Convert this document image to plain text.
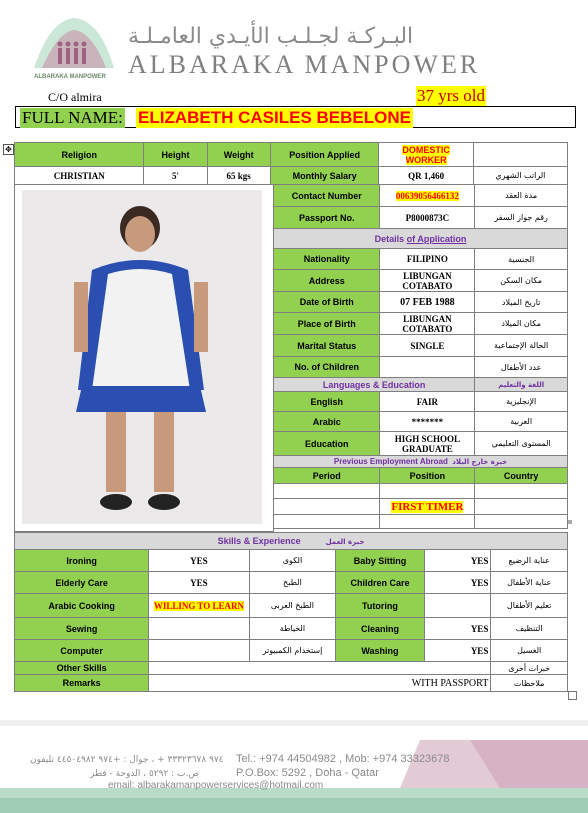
ALBARAKA MANPOWER
البـركـة لجـلـب الأيـدي العامـلـة
ALBARAKA MANPOWER
C/O almira	37 yrs old
FULL NAME: ELIZABETH CASILES BEBELONE
✥	Religion	Height	Weight	Position Applied	DOMESTIC WORKER	
CHRISTIAN	5'	65 kgs	Monthly Salary	QR 1,460	الراتب الشهري
Contact Number	00639056466132	مدة العقد
Passport No.	P8000873C	رقم جواز السفر
Details of Application		
Nationality	FILIPINO	الجنسية
Address	LIBUNGAN COTABATO	مكان السكن
Date of Birth	07 FEB 1988	تاريخ الميلاد
Place of Birth	LIBUNGAN COTABATO	مكان الميلاد
Marital Status	SINGLE	الحالة الإجتماعية
No. of Children		عدد الأطفال
Languages & Education		اللغة والتعليم
English	FAIR	الإنجليزية
Arabic	*******	العربية
Education	HIGH SCHOOL GRADUATE	المستوى التعليمي
Previous Employment Abroad خبرة خارج البلاد		
Period	Position	Country

	FIRST TIMER	

Skills & Experience خبرة العمل					
Ironing	YES	الكوى	Baby Sitting	YES	عناية الرضيع
Elderly Care	YES	الطبخ	Children Care	YES	عناية الأطفال
Arabic Cooking	WILLING TO LEARN	الطبخ العربى	Tutoring		تعليم الأطفال
Sewing		الخياطة	Cleaning	YES	التنظيف
Computer		إستخدام الكمبيوتر	Washing	YES	الغسيل
Other Skills					خبرات أخرى
Remarks	WITH PASSPORT				ملاحظات
٩٧٤ ٣٣٣٢٣٦٧٨ + ، جوال : +٩٧٤ ٤٤٥٠٤٩٨٢ تليفون Tel.: +974 44504982 , Mob: +974 33323678
ص.ب : ٥٢٩٢ ، الدوحة - قطر	P.O.Box: 5292 , Doha - Qatar
email: albarakamanpowerservices@hotmail.com
